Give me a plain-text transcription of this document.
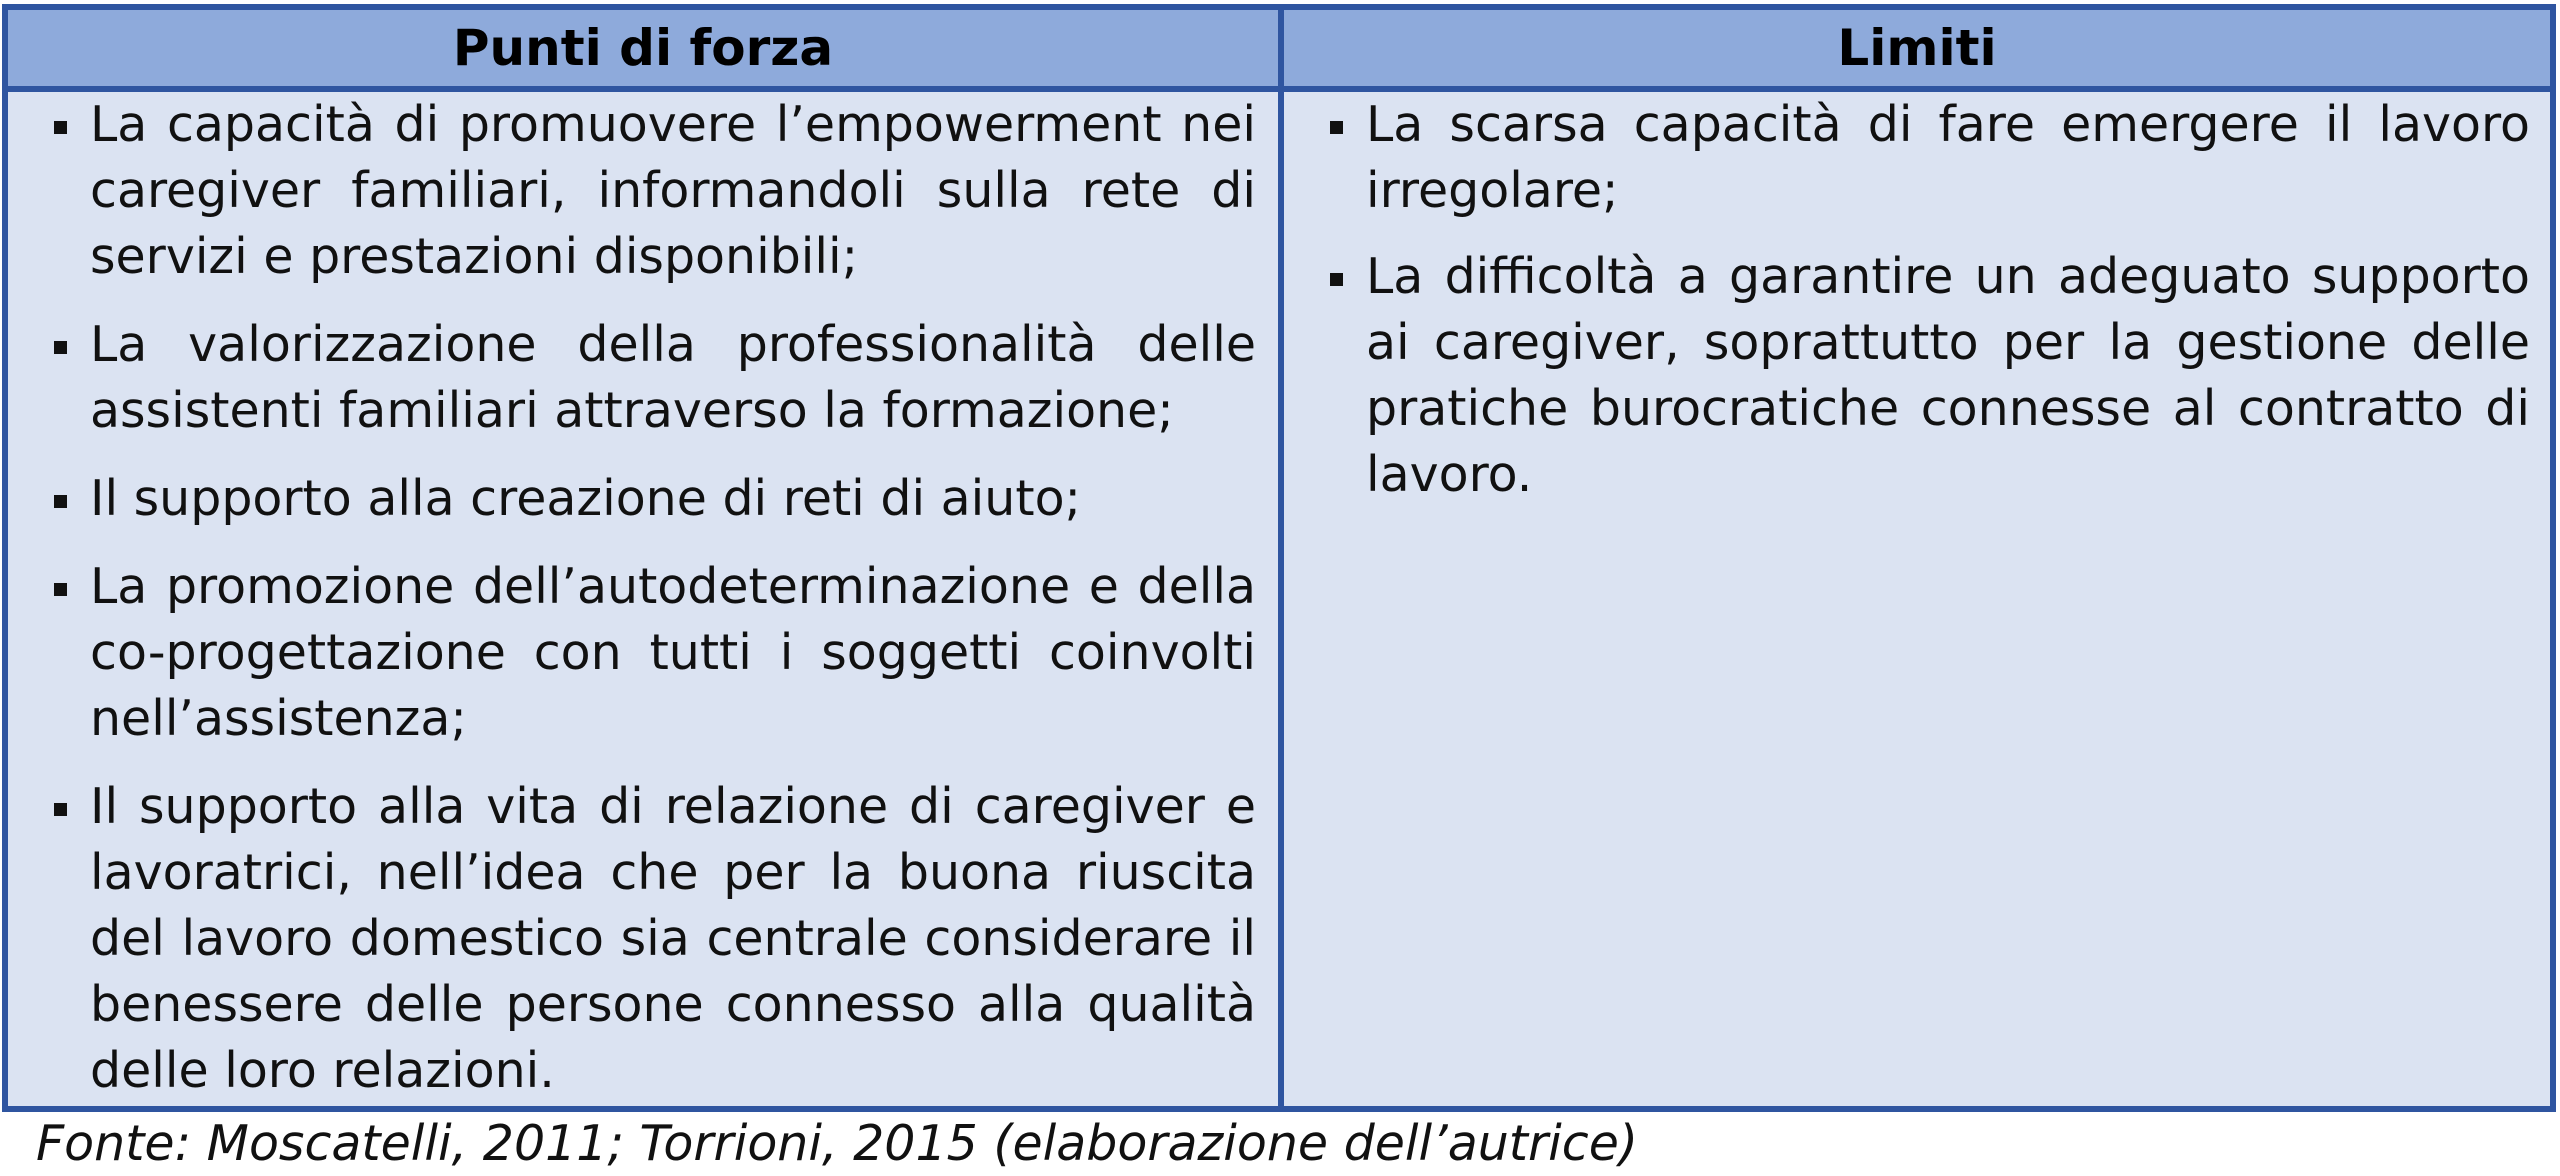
Punti di forza	Limiti
La capacità di promuovere l’empowerment nei caregiver familiari, informandoli sulla rete di servizi e prestazioni disponibili;
La valorizzazione della professionalità delle assistenti familiari attraverso la formazione;
Il supporto alla creazione di reti di aiuto;
La promozione dell’autodeterminazione e della co-progettazione con tutti i soggetti coinvolti nell’assistenza;
Il supporto alla vita di relazione di caregiver e lavoratrici, nell’idea che per la buona riuscita del lavoro domestico sia centrale considerare il benessere delle persone connesso alla qualità delle loro relazioni.
La scarsa capacità di fare emergere il lavoro irregolare;
La difficoltà a garantire un adeguato supporto ai caregiver, soprattutto per la gestione delle pratiche burocratiche connesse al contratto di lavoro.
Fonte: Moscatelli, 2011; Torrioni, 2015 (elaborazione dell’autrice)
